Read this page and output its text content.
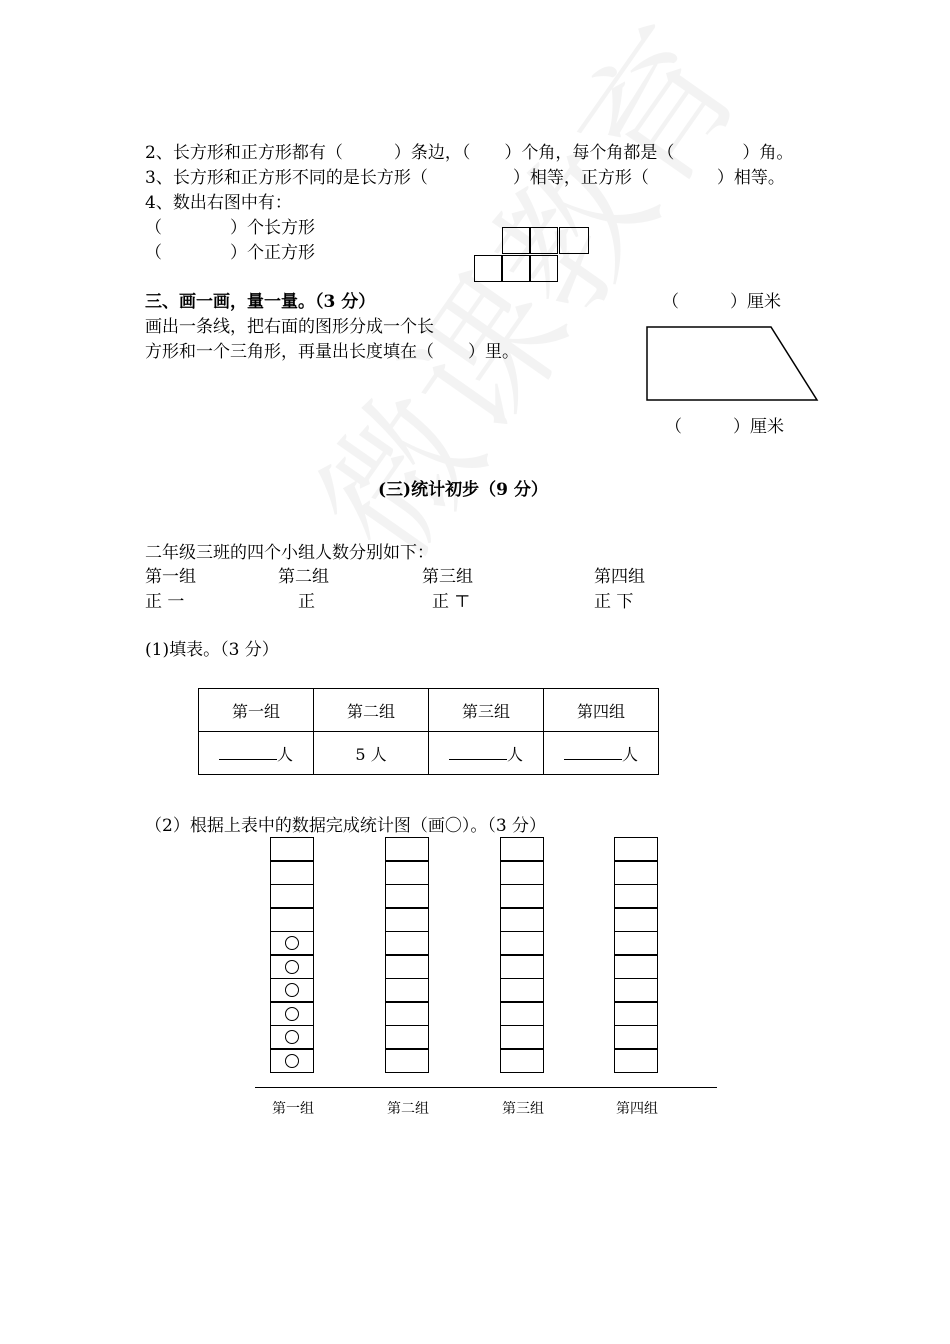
2、长方形和正方形都有（　　　）条边，（　　）个角，每个角都是（　　　　）角。
3、长方形和正方形不同的是长方形（　　　　　）相等，正方形（　　　　）相等。
4、数出右图中有：
（　　　　）个长方形
（　　　　）个正方形
三、画一画，量一量。（3 分）
画出一条线，把右面的图形分成一个长
方形和一个三角形，再量出长度填在（　　）里。
（　　　）厘米
（　　　）厘米
(三)统计初步（9 分）
二年级三班的四个小组人数分别如下：
第一组	第二组	第三组	第四组
正 一	正	正 ⊤	正 下
(1)填表。（3 分）
第一组	第二组	第三组	第四组
人	5 人	人	人
（2）根据上表中的数据完成统计图（画〇）。（3 分）
第一组	第二组	第三组	第四组
